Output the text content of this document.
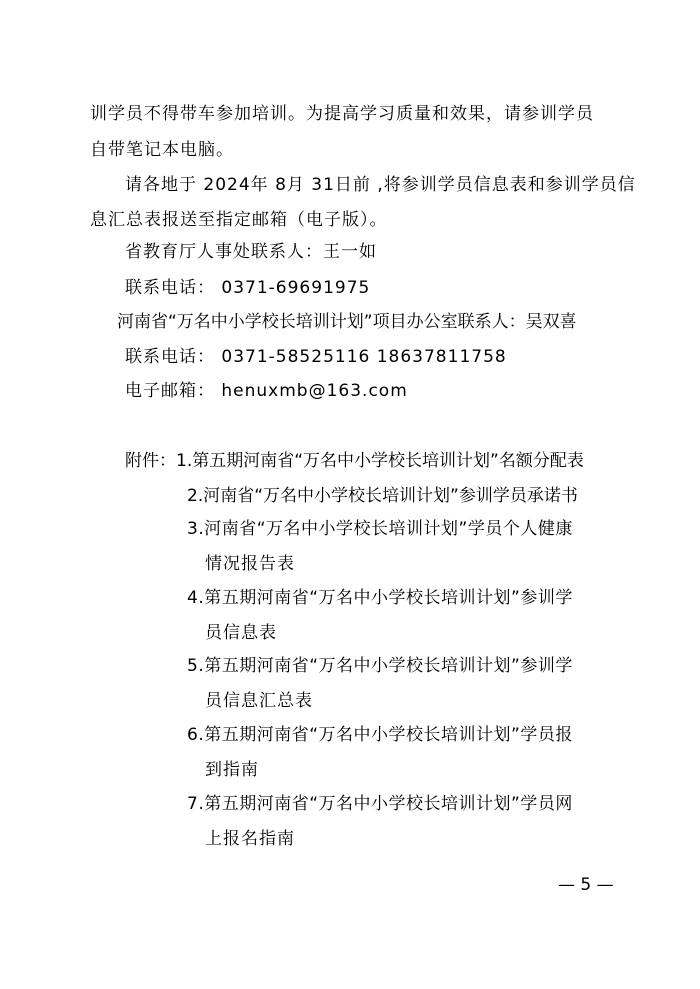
训学员不得带车参加培训。为提高学习质量和效果，请参训学员
自带笔记本电脑。
请各地于 2024年 8月 31日前 ,将参训学员信息表和参训学员信
息汇总表报送至指定邮箱（电子版）。
省教育厅人事处联系人：王一如
联系电话： 0371-69691975
河南省“万名中小学校长培训计划”项目办公室联系人：吴双喜
联系电话： 0371-58525116 18637811758
电子邮箱： henuxmb@163.com
附件：1.第五期河南省“万名中小学校长培训计划”名额分配表
2.河南省“万名中小学校长培训计划”参训学员承诺书
3.河南省“万名中小学校长培训计划”学员个人健康
情况报告表
4.第五期河南省“万名中小学校长培训计划”参训学
员信息表
5.第五期河南省“万名中小学校长培训计划”参训学
员信息汇总表
6.第五期河南省“万名中小学校长培训计划”学员报
到指南
7.第五期河南省“万名中小学校长培训计划”学员网
上报名指南
— 5 —
